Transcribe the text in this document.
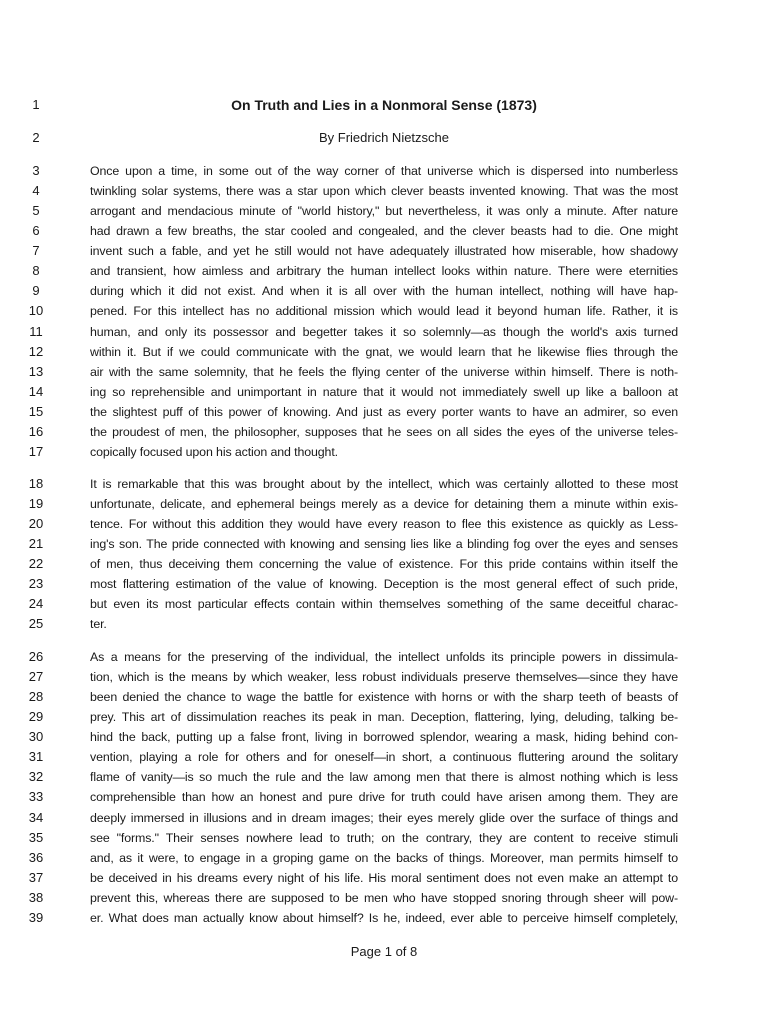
1	On Truth and Lies in a Nonmoral Sense (1873)
2	By Friedrich Nietzsche
3	Once upon a time, in some out of the way corner of that universe which is dispersed into numberless
4	twinkling solar systems, there was a star upon which clever beasts invented knowing. That was the most
5	arrogant and mendacious minute of "world history," but nevertheless, it was only a minute. After nature
6	had drawn a few breaths, the star cooled and congealed, and the clever beasts had to die. One might
7	invent such a fable, and yet he still would not have adequately illustrated how miserable, how shadowy
8	and transient, how aimless and arbitrary the human intellect looks within nature. There were eternities
9	during which it did not exist. And when it is all over with the human intellect, nothing will have hap-
10	pened. For this intellect has no additional mission which would lead it beyond human life. Rather, it is
11	human, and only its possessor and begetter takes it so solemnly—as though the world's axis turned
12	within it. But if we could communicate with the gnat, we would learn that he likewise flies through the
13	air with the same solemnity, that he feels the flying center of the universe within himself. There is noth-
14	ing so reprehensible and unimportant in nature that it would not immediately swell up like a balloon at
15	the slightest puff of this power of knowing. And just as every porter wants to have an admirer, so even
16	the proudest of men, the philosopher, supposes that he sees on all sides the eyes of the universe teles-
17	copically focused upon his action and thought.
18	It is remarkable that this was brought about by the intellect, which was certainly allotted to these most
19	unfortunate, delicate, and ephemeral beings merely as a device for detaining them a minute within exis-
20	tence. For without this addition they would have every reason to flee this existence as quickly as Less-
21	ing's son. The pride connected with knowing and sensing lies like a blinding fog over the eyes and senses
22	of men, thus deceiving them concerning the value of existence. For this pride contains within itself the
23	most flattering estimation of the value of knowing. Deception is the most general effect of such pride,
24	but even its most particular effects contain within themselves something of the same deceitful charac-
25	ter.
26	As a means for the preserving of the individual, the intellect unfolds its principle powers in dissimula-
27	tion, which is the means by which weaker, less robust individuals preserve themselves—since they have
28	been denied the chance to wage the battle for existence with horns or with the sharp teeth of beasts of
29	prey. This art of dissimulation reaches its peak in man. Deception, flattering, lying, deluding, talking be-
30	hind the back, putting up a false front, living in borrowed splendor, wearing a mask, hiding behind con-
31	vention, playing a role for others and for oneself—in short, a continuous fluttering around the solitary
32	flame of vanity—is so much the rule and the law among men that there is almost nothing which is less
33	comprehensible than how an honest and pure drive for truth could have arisen among them. They are
34	deeply immersed in illusions and in dream images; their eyes merely glide over the surface of things and
35	see "forms." Their senses nowhere lead to truth; on the contrary, they are content to receive stimuli
36	and, as it were, to engage in a groping game on the backs of things. Moreover, man permits himself to
37	be deceived in his dreams every night of his life. His moral sentiment does not even make an attempt to
38	prevent this, whereas there are supposed to be men who have stopped snoring through sheer will pow-
39	er. What does man actually know about himself? Is he, indeed, ever able to perceive himself completely,
Page 1 of 8
